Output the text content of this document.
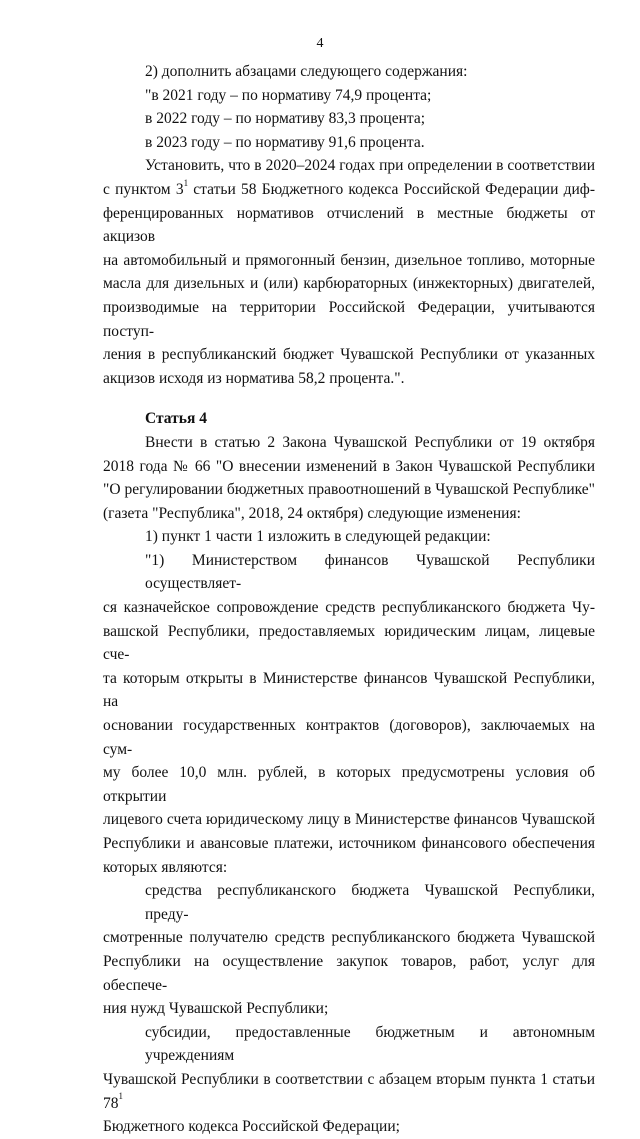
4
2) дополнить абзацами следующего содержания:
"в 2021 году – по нормативу 74,9 процента;
в 2022 году – по нормативу 83,3 процента;
в 2023 году – по нормативу 91,6 процента.
Установить, что в 2020–2024 годах при определении в соответствии
с пунктом $3^1$ статьи 58 Бюджетного кодекса Российской Федерации диф-
ференцированных нормативов отчислений в местные бюджеты от акцизов
на автомобильный и прямогонный бензин, дизельное топливо, моторные
масла для дизельных и (или) карбюраторных (инжекторных) двигателей,
производимые на территории Российской Федерации, учитываются поступ-
ления в республиканский бюджет Чувашской Республики от указанных
акцизов исходя из норматива 58,2 процента.".
Статья 4
Внести в статью 2 Закона Чувашской Республики от 19 октября
2018 года № 66 "О внесении изменений в Закон Чувашской Республики
"О регулировании бюджетных правоотношений в Чувашской Республике"
(газета "Республика", 2018, 24 октября) следующие изменения:
1) пункт 1 части 1 изложить в следующей редакции:
"1) Министерством финансов Чувашской Республики осуществляет-
ся казначейское сопровождение средств республиканского бюджета Чу-
вашской Республики, предоставляемых юридическим лицам, лицевые сче-
та которым открыты в Министерстве финансов Чувашской Республики, на
основании государственных контрактов (договоров), заключаемых на сум-
му более 10,0 млн. рублей, в которых предусмотрены условия об открытии
лицевого счета юридическому лицу в Министерстве финансов Чувашской
Республики и авансовые платежи, источником финансового обеспечения
которых являются:
средства республиканского бюджета Чувашской Республики, преду-
смотренные получателю средств республиканского бюджета Чувашской
Республики на осуществление закупок товаров, работ, услуг для обеспече-
ния нужд Чувашской Республики;
субсидии, предоставленные бюджетным и автономным учреждениям
Чувашской Республики в соответствии с абзацем вторым пункта 1 статьи $78^1$
Бюджетного кодекса Российской Федерации;
